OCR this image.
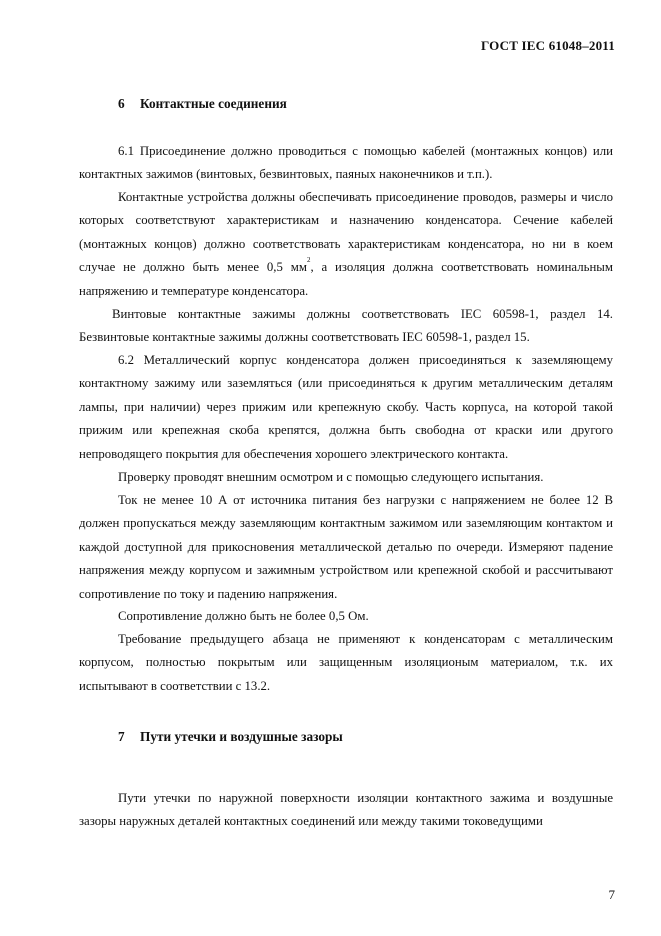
ГОСТ IEC 61048–2011
6 Контактные соединения

6.1 Присоединение должно проводиться с помощью кабелей (монтажных концов) или контактных зажимов (винтовых, безвинтовых, паяных наконечников и т.п.).

Контактные устройства должны обеспечивать присоединение проводов, размеры и число которых соответствуют характеристикам и назначению конденсатора. Сечение кабелей (монтажных концов) должно соответствовать характеристикам конденсатора, но ни в коем случае не должно быть менее 0,5 $мм^2$, а изоляция должна соответствовать номинальным напряжению и температуре конденсатора.

Винтовые контактные зажимы должны соответствовать IEC 60598-1, раздел 14. Безвинтовые контактные зажимы должны соответствовать IEC 60598-1, раздел 15.

6.2 Металлический корпус конденсатора должен присоединяться к заземляющему контактному зажиму или заземляться (или присоединяться к другим металлическим деталям лампы, при наличии) через прижим или крепежную скобу. Часть корпуса, на которой такой прижим или крепежная скоба крепятся, должна быть свободна от краски или другого непроводящего покрытия для обеспечения хорошего электрического контакта.

Проверку проводят внешним осмотром и с помощью следующего испытания.

Ток не менее 10 А от источника питания без нагрузки с напряжением не более 12 В должен пропускаться между заземляющим контактным зажимом или заземляющим контактом и каждой доступной для прикосновения металлической деталью по очереди. Измеряют падение напряжения между корпусом и зажимным устройством или крепежной скобой и рассчитывают сопротивление по току и падению напряжения.

Сопротивление должно быть не более 0,5 Ом.

Требование предыдущего абзаца не применяют к конденсаторам с металлическим корпусом, полностью покрытым или защищенным изоляционым материалом, т.к. их испытывают в соответствии с 13.2.

7 Пути утечки и воздушные зазоры

Пути утечки по наружной поверхности изоляции контактного зажима и воздушные зазоры наружных деталей контактных соединений или между такими токоведущими

7
